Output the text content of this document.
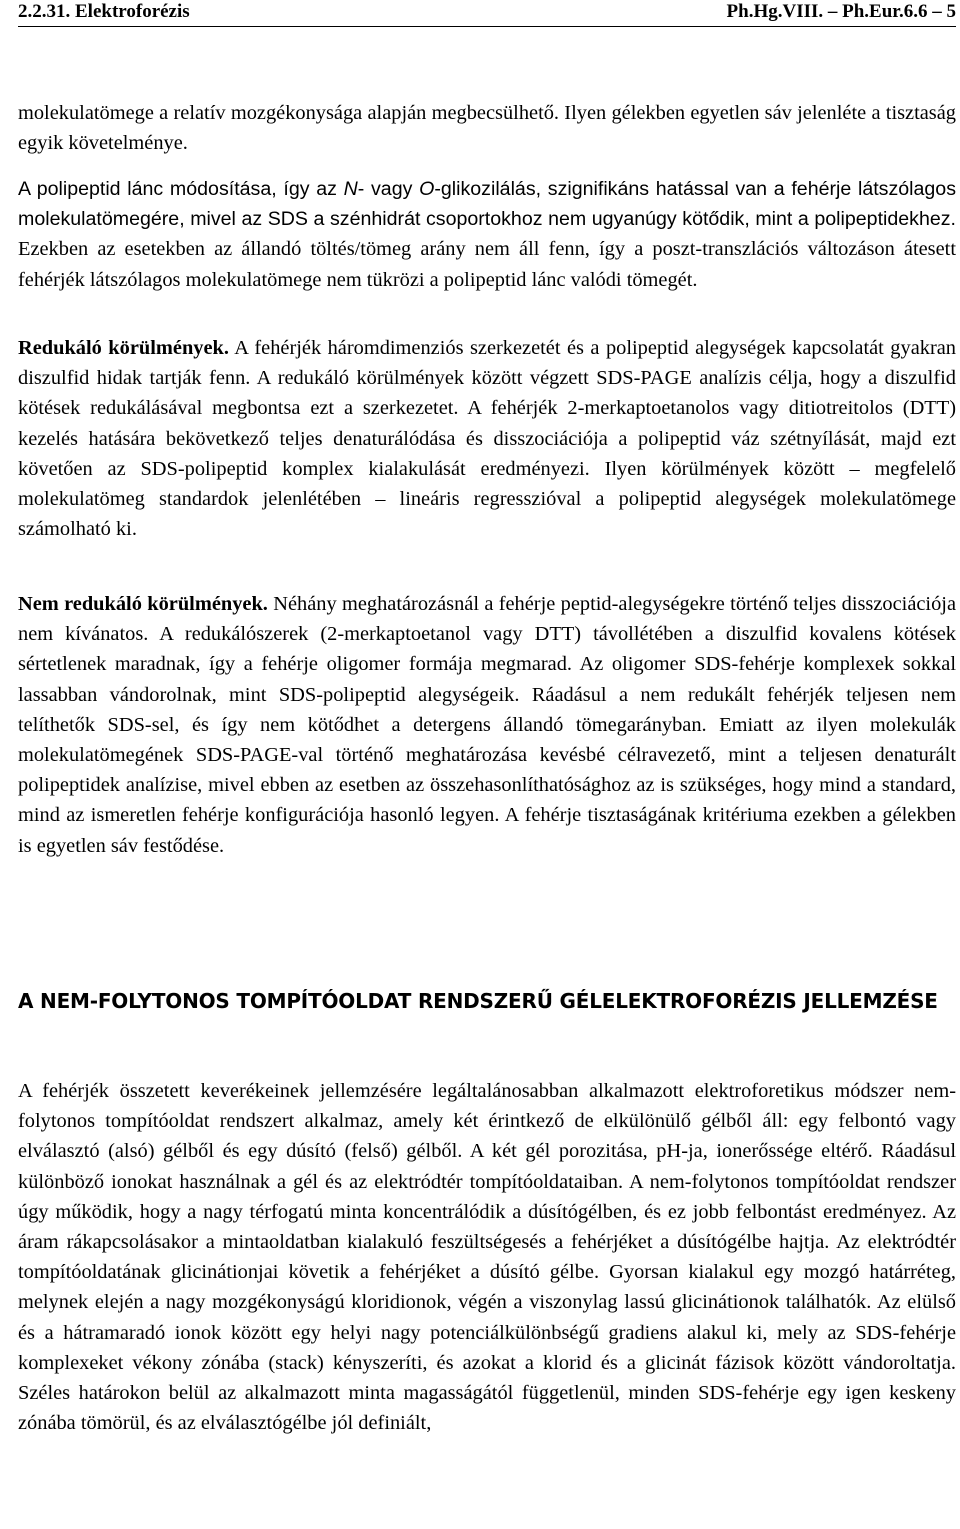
2.2.31. Elektroforézis	Ph.Hg.VIII. – Ph.Eur.6.6 – 5

molekulatömege a relatív mozgékonysága alapján megbecsülhető. Ilyen gélekben egyetlen sáv jelenléte a tisztaság egyik követelménye.

A polipeptid lánc módosítása, így az N- vagy O-glikozilálás, szignifikáns hatással van a fehérje látszólagos molekulatömegére, mivel az SDS a szénhidrát csoportokhoz nem ugyanúgy kötődik, mint a polipeptidekhez. Ezekben az esetekben az állandó töltés/tömeg arány nem áll fenn, így a poszt-transzlációs változáson átesett fehérjék látszólagos molekulatömege nem tükrözi a polipeptid lánc valódi tömegét.

Redukáló körülmények. A fehérjék háromdimenziós szerkezetét és a polipeptid alegységek kapcsolatát gyakran diszulfid hidak tartják fenn. A redukáló körülmények között végzett SDS-PAGE analízis célja, hogy a diszulfid kötések redukálásával megbontsa ezt a szerkezetet. A fehérjék 2-merkaptoetanolos vagy ditiotreitolos (DTT) kezelés hatására bekövetkező teljes denaturálódása és disszociációja a polipeptid váz szétnyílását, majd ezt követően az SDS-polipeptid komplex kialakulását eredményezi. Ilyen körülmények között – megfelelő molekulatömeg standardok jelenlétében – lineáris regresszióval a polipeptid alegységek molekulatömege számolható ki.

Nem redukáló körülmények. Néhány meghatározásnál a fehérje peptid-alegységekre történő teljes disszociációja nem kívánatos. A redukálószerek (2-merkaptoetanol vagy DTT) távollétében a diszulfid kovalens kötések sértetlenek maradnak, így a fehérje oligomer formája megmarad. Az oligomer SDS-fehérje komplexek sokkal lassabban vándorolnak, mint SDS-polipeptid alegységeik. Ráadásul a nem redukált fehérjék teljesen nem telíthetők SDS-sel, és így nem kötődhet a detergens állandó tömegarányban. Emiatt az ilyen molekulák molekulatömegének SDS-PAGE-val történő meghatározása kevésbé célravezető, mint a teljesen denaturált polipeptidek analízise, mivel ebben az esetben az összehasonlíthatósághoz az is szükséges, hogy mind a standard, mind az ismeretlen fehérje konfigurációja hasonló legyen. A fehérje tisztaságának kritériuma ezekben a gélekben is egyetlen sáv festődése.

A NEM-FOLYTONOS TOMPÍTÓOLDAT RENDSZERŰ GÉLELEKTROFORÉZIS JELLEMZÉSE

A fehérjék összetett keverékeinek jellemzésére legáltalánosabban alkalmazott elektroforetikus módszer nem-folytonos tompítóoldat rendszert alkalmaz, amely két érintkező de elkülönülő gélből áll: egy felbontó vagy elválasztó (alsó) gélből és egy dúsító (felső) gélből. A két gél porozitása, pH-ja, ionerőssége eltérő. Ráadásul különböző ionokat használnak a gél és az elektródtér tompítóoldataiban. A nem-folytonos tompítóoldat rendszer úgy működik, hogy a nagy térfogatú minta koncentrálódik a dúsítógélben, és ez jobb felbontást eredményez. Az áram rákapcsolásakor a mintaoldatban kialakuló feszültségesés a fehérjéket a dúsítógélbe hajtja. Az elektródtér tompítóoldatának glicinátionjai követik a fehérjéket a dúsító gélbe. Gyorsan kialakul egy mozgó határréteg, melynek elején a nagy mozgékonyságú kloridionok, végén a viszonylag lassú glicinátionok találhatók. Az elülső és a hátramaradó ionok között egy helyi nagy potenciálkülönbségű gradiens alakul ki, mely az SDS-fehérje komplexeket vékony zónába (stack) kényszeríti, és azokat a klorid és a glicinát fázisok között vándoroltatja. Széles határokon belül az alkalmazott minta magasságától függetlenül, minden SDS-fehérje egy igen keskeny zónába tömörül, és az elválasztógélbe jól definiált,
